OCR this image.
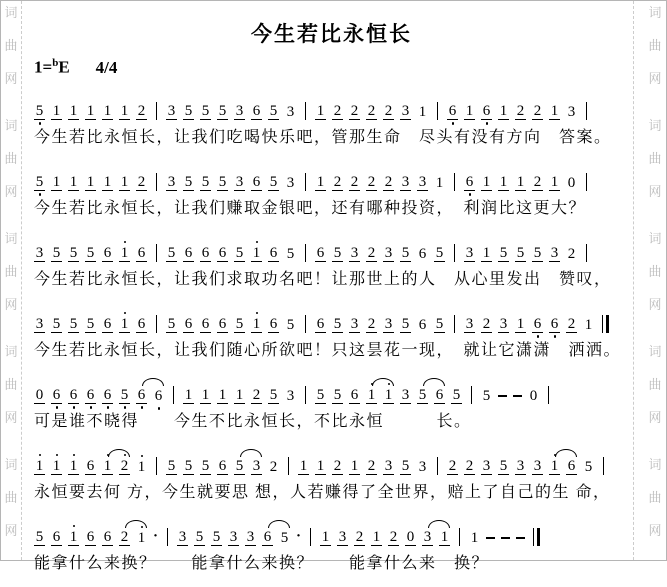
词
曲
网
词
曲
网
词
曲
网
词
曲
网
词
曲
网
词
曲
网
词
曲
网
词
曲
网
词
曲
网
词
曲
网
今生若比永恒长
1=$^b$E 4/4
5 1 1 1 1 1 2 3 5 5 5 3 6 5 3 1 2 2 2 2 3 1 6 1 6 1 2 2 1 3
今生若比永恒长，让我们吃喝快乐吧，管那生命　尽头有没有方向　答案。
5 1 1 1 1 1 2 3 5 5 5 3 6 5 3 1 2 2 2 2 3 3 1 6 1 1 1 2 1 0
今生若比永恒长，让我们赚取金银吧，还有哪种投资，　利润比这更大？
3 5 5 5 6 1 6 5 6 6 6 5 1 6 5 6 5 3 2 3 5 6 5 3 1 5 5 5 3 2
今生若比永恒长，让我们求取功名吧！让那世上的人　从心里发出　赞叹，
3 5 5 5 6 1 6 5 6 6 6 5 1 6 5 6 5 3 2 3 5 6 5 3 2 3 1 6 6 2 1
今生若比永恒长，让我们随心所欲吧！只这昙花一现，　就让它潇潇　洒洒。
0 6 6 6 6 5 6 6 1 1 1 1 2 5 3 5 5 6 1 1 3 5 6 5 5	0
可是谁不晓得　　今生不比永恒长，不比永恒　　　长。
1 1 1 6 1 2 1 5 5 5 6 5 3 2 1 1 2 1 2 3 5 3 2 2 3 5 3 3 1 6 5
永恒要去何 方，今生就要思 想，人若赚得了全世界，赔上了自己的生 命，
5 6 1 6 6 2 1 · 3 5 5 3 3 6 5 · 1 3 2 1 2 0 3 1 1
能拿什么来换？　　能拿什么来换？　　能拿什么来　换？
